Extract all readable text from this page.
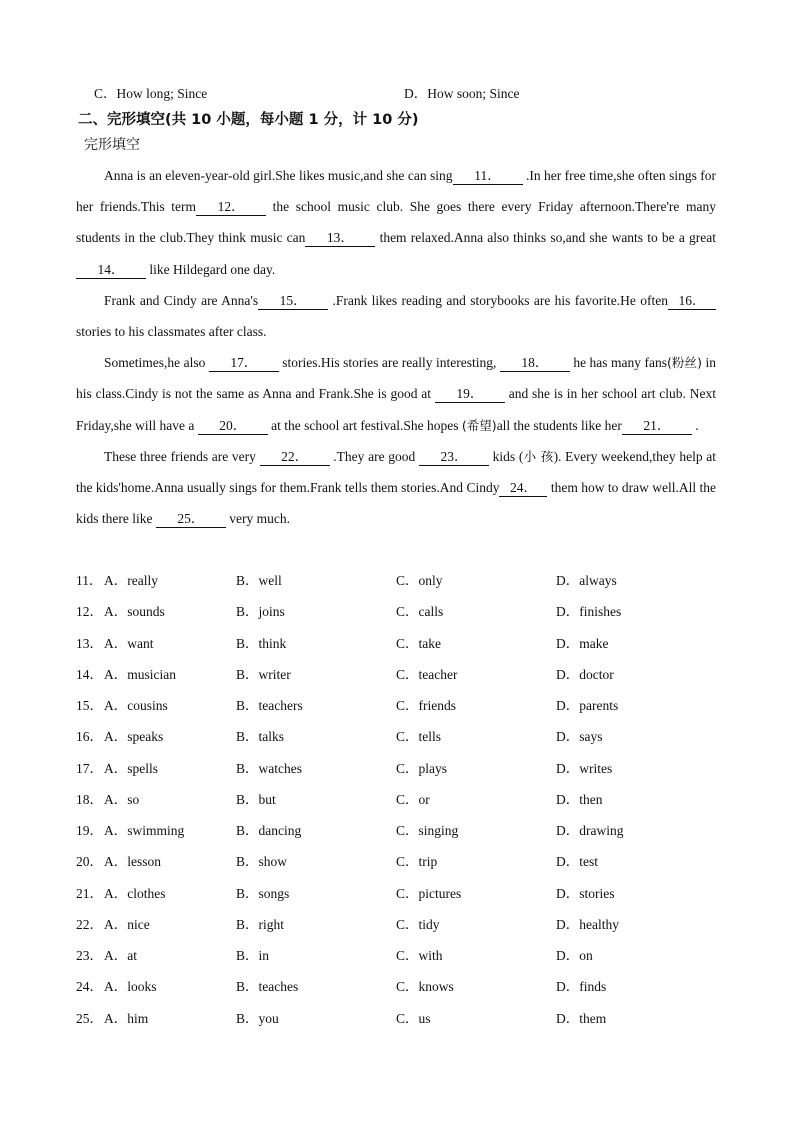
C．How long; Since	D．How soon; Since
二、完形填空(共 10 小题，每小题 1 分，计 10 分)
完形填空

Anna is an eleven-year-old girl.She likes music,and she can sing 11． .In her free time,she often sings for her friends.This term 12． the school music club. She goes there every Friday afternoon.There're many students in the club.They think music can 13． them relaxed.Anna also thinks so,and she wants to be a great14． like Hildegard one day.

Frank and Cindy are Anna's 15． .Frank likes reading and storybooks are his favorite.He often 16． stories to his classmates after class.

Sometimes,he also 17． stories.His stories are really interesting, 18． he has many fans(粉丝) in his class.Cindy is not the same as Anna and Frank.She is good at 19． and she is in her school art club. Next Friday,she will have a 20． at the school art festival.She hopes (希望)all the students like her 21． .

These three friends are very 22． .They are good 23． kids (小 孩). Every weekend,they help at the kids'home.Anna usually sings for them.Frank tells them stories.And Cindy 24． them how to draw well.All the kids there like 25． very much.

11． A．really	B．well	C．only	D．always
12． A．sounds	B．joins	C．calls	D．finishes
13． A．want	B．think	C．take	D．make
14． A．musician	B．writer	C．teacher	D．doctor
15． A．cousins	B．teachers	C．friends	D．parents
16． A．speaks	B．talks	C．tells	D．says
17． A．spells	B．watches	C．plays	D．writes
18． A．so	B．but	C．or	D．then
19． A．swimming	B．dancing	C．singing	D．drawing
20． A．lesson	B．show	C．trip	D．test
21． A．clothes	B．songs	C．pictures	D．stories
22． A．nice	B．right	C．tidy	D．healthy
23． A．at	B．in	C．with	D．on
24． A．looks	B．teaches	C．knows	D．finds
25． A．him	B．you	C．us	D．them
